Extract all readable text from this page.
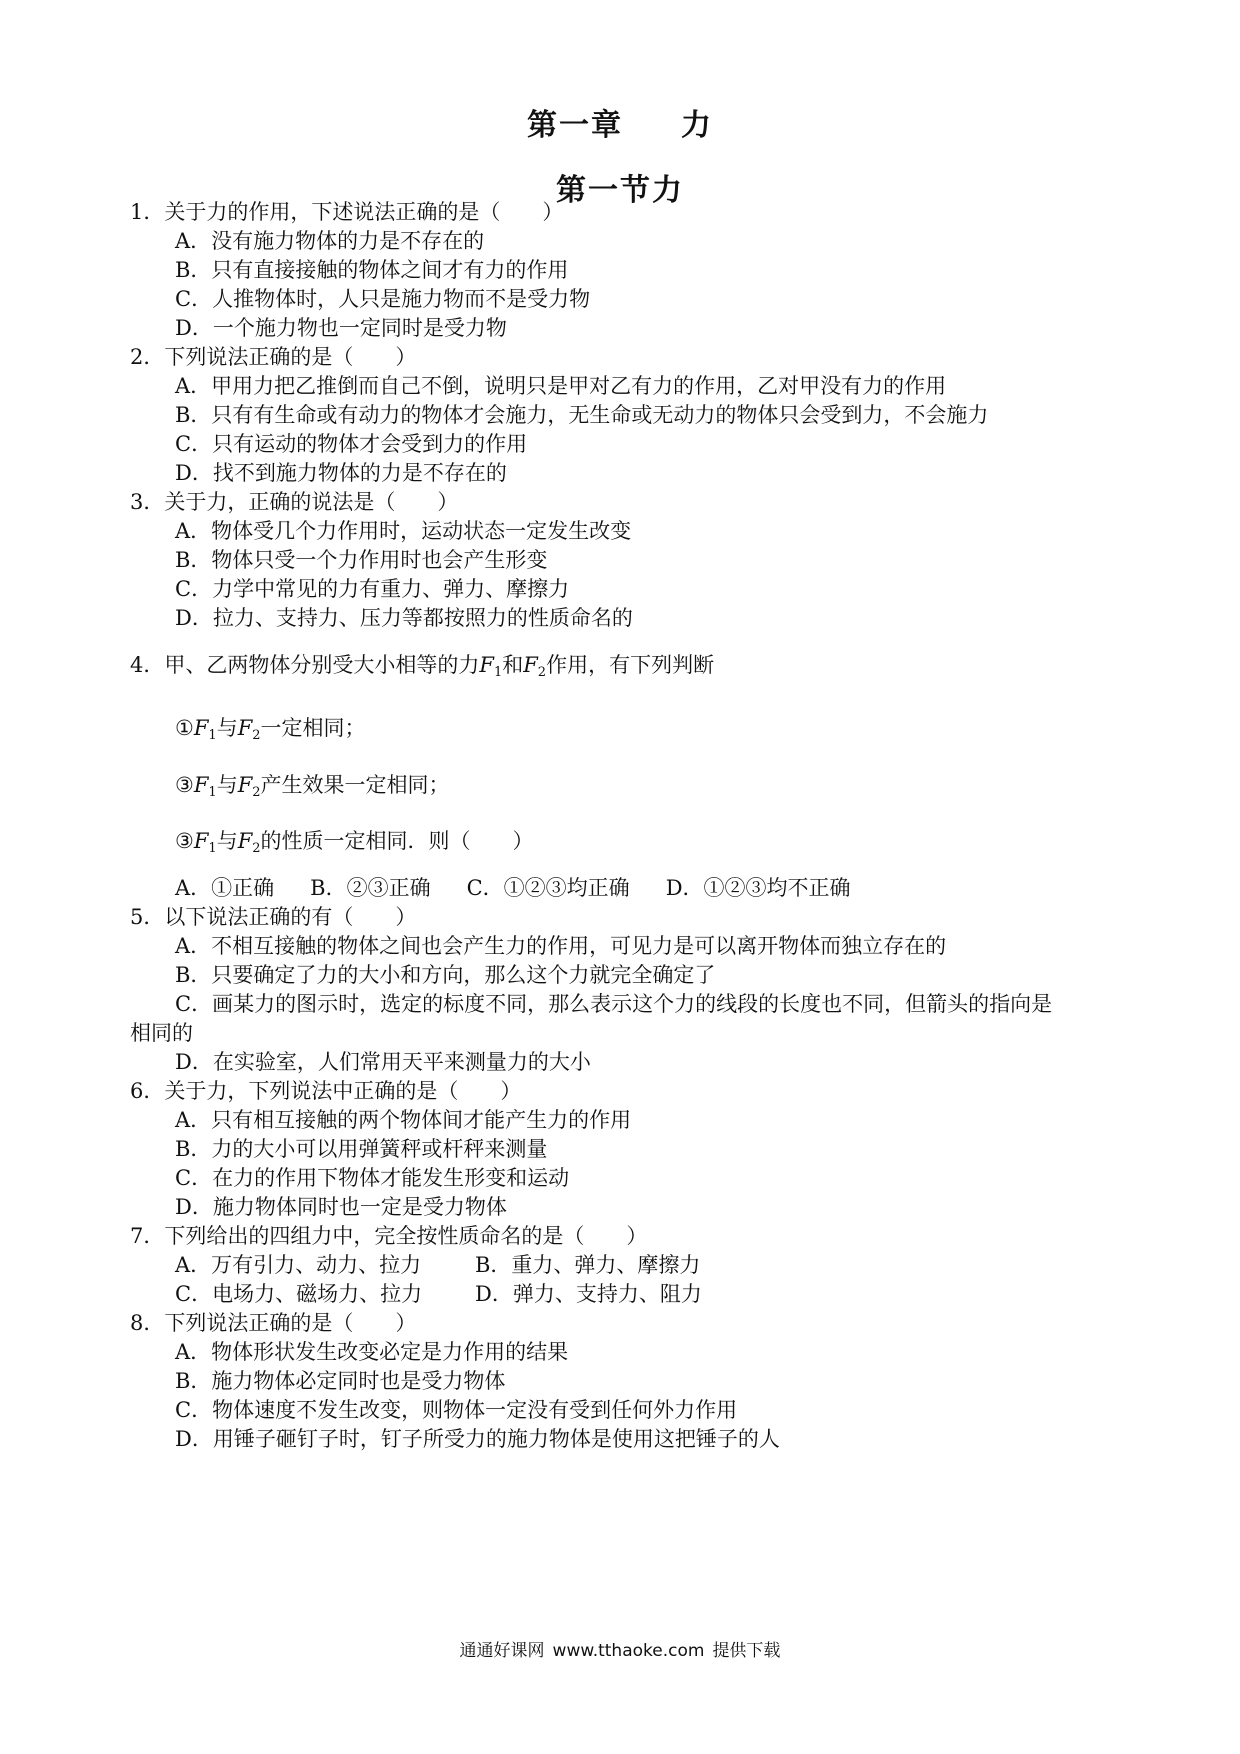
第一章 力
第一节力
1．关于力的作用，下述说法正确的是（　　）
A．没有施力物体的力是不存在的
B．只有直接接触的物体之间才有力的作用
C．人推物体时，人只是施力物而不是受力物
D．一个施力物也一定同时是受力物
2．下列说法正确的是（　　）
A．甲用力把乙推倒而自己不倒，说明只是甲对乙有力的作用，乙对甲没有力的作用
B．只有有生命或有动力的物体才会施力，无生命或无动力的物体只会受到力，不会施力
C．只有运动的物体才会受到力的作用
D．找不到施力物体的力是不存在的
3．关于力，正确的说法是（　　）
A．物体受几个力作用时，运动状态一定发生改变
B．物体只受一个力作用时也会产生形变
C．力学中常见的力有重力、弹力、摩擦力
D．拉力、支持力、压力等都按照力的性质命名的
4．甲、乙两物体分别受大小相等的力$F_1$和$F_2$作用，有下列判断
$①F_1$与$F_2$一定相同；
$③F_1$与$F_2$产生效果一定相同；
$③F_1$与$F_2$的性质一定相同．则（　　）
A．①正确 B．②③正确 C．①②③均正确 D．①②③均不正确
5．以下说法正确的有（　　）
A．不相互接触的物体之间也会产生力的作用，可见力是可以离开物体而独立存在的
B．只要确定了力的大小和方向，那么这个力就完全确定了
C．画某力的图示时，选定的标度不同，那么表示这个力的线段的长度也不同，但箭头的指向是
相同的
D．在实验室，人们常用天平来测量力的大小
6．关于力，下列说法中正确的是（　　）
A．只有相互接触的两个物体间才能产生力的作用
B．力的大小可以用弹簧秤或杆秤来测量
C．在力的作用下物体才能发生形变和运动
D．施力物体同时也一定是受力物体
7．下列给出的四组力中，完全按性质命名的是（　　）
A．万有引力、动力、拉力	B．重力、弹力、摩擦力
C．电场力、磁场力、拉力	D．弹力、支持力、阻力
8．下列说法正确的是（　　）
A．物体形状发生改变必定是力作用的结果
B．施力物体必定同时也是受力物体
C．物体速度不发生改变，则物体一定没有受到任何外力作用
D．用锤子砸钉子时，钉子所受力的施力物体是使用这把锤子的人
通通好课网 www.tthaoke.com 提供下载
